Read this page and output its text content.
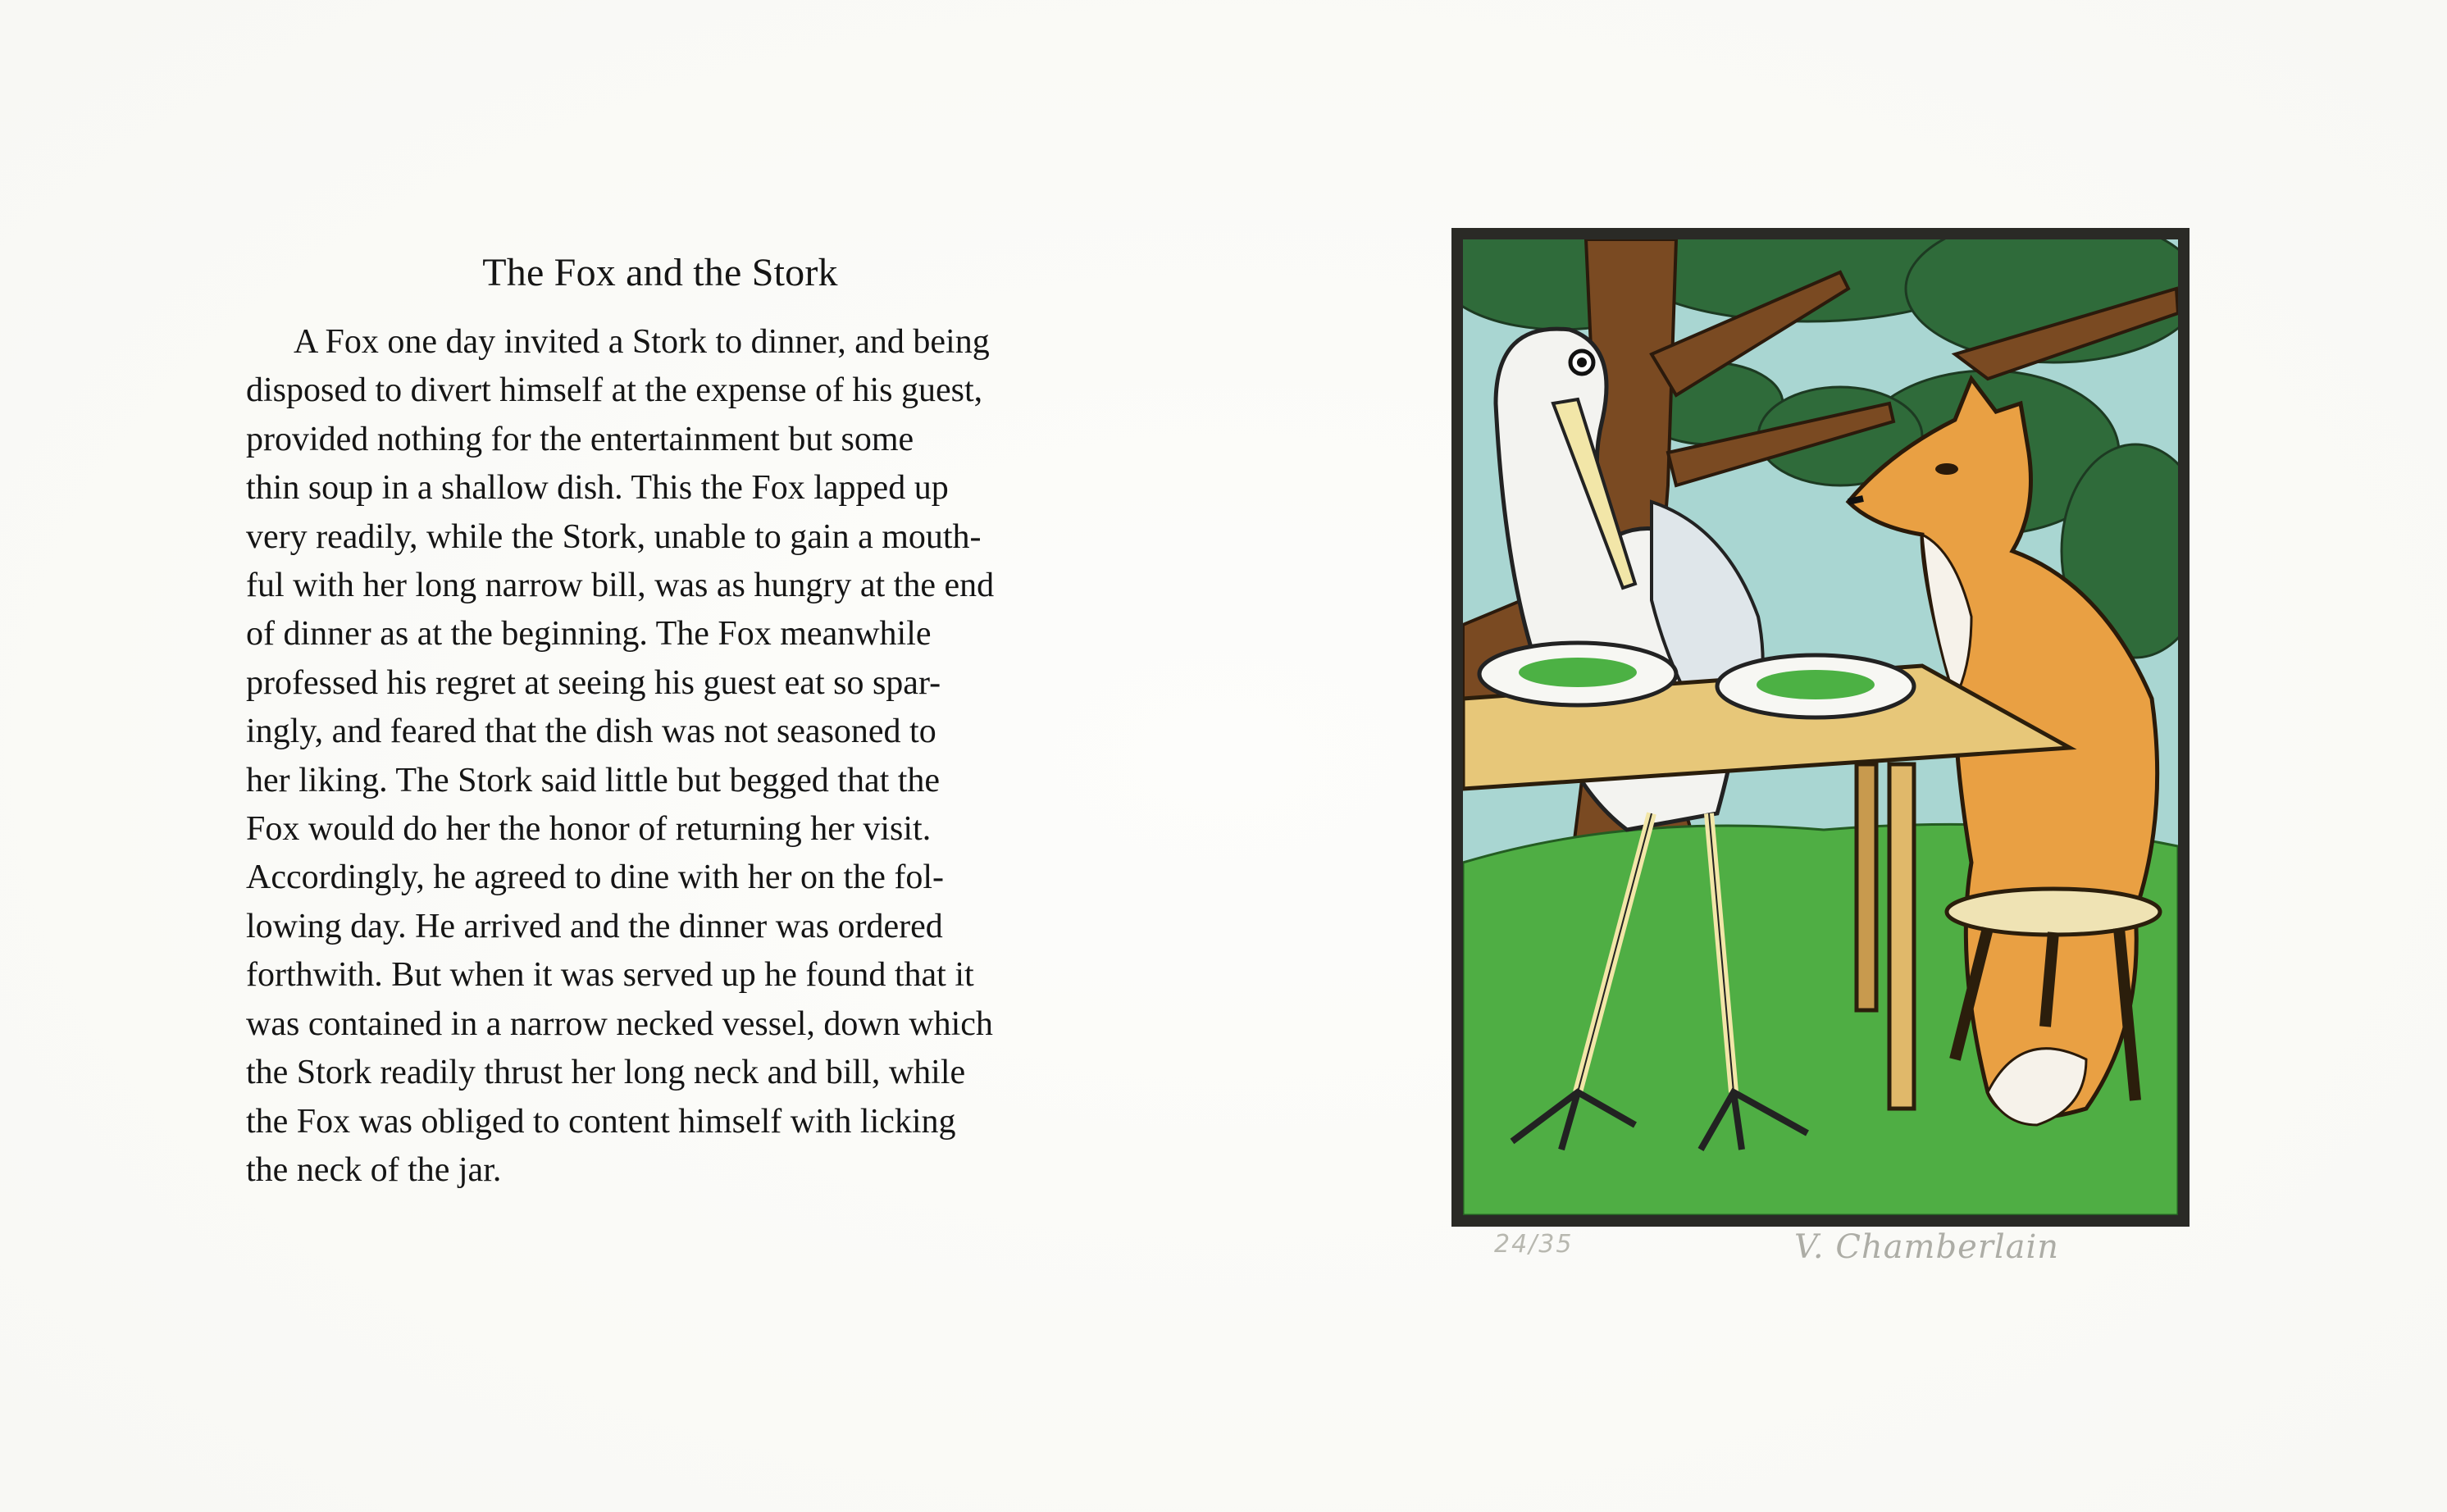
The Fox and the Stork

A Fox one day invited a Stork to dinner, and being

disposed to divert himself at the expense of his guest,

provided nothing for the entertainment but some

thin soup in a shallow dish. This the Fox lapped up

very readily, while the Stork, unable to gain a mouth-

ful with her long narrow bill, was as hungry at the end

of dinner as at the beginning. The Fox meanwhile

professed his regret at seeing his guest eat so spar-

ingly, and feared that the dish was not seasoned to

her liking. The Stork said little but begged that the

Fox would do her the honor of returning her visit.

Accordingly, he agreed to dine with her on the fol-

lowing day. He arrived and the dinner was ordered

forthwith. But when it was served up he found that it

was contained in a narrow necked vessel, down which

the Stork readily thrust her long neck and bill, while

the Fox was obliged to content himself with licking

the neck of the jar.

24/35	V. Chamberlain
